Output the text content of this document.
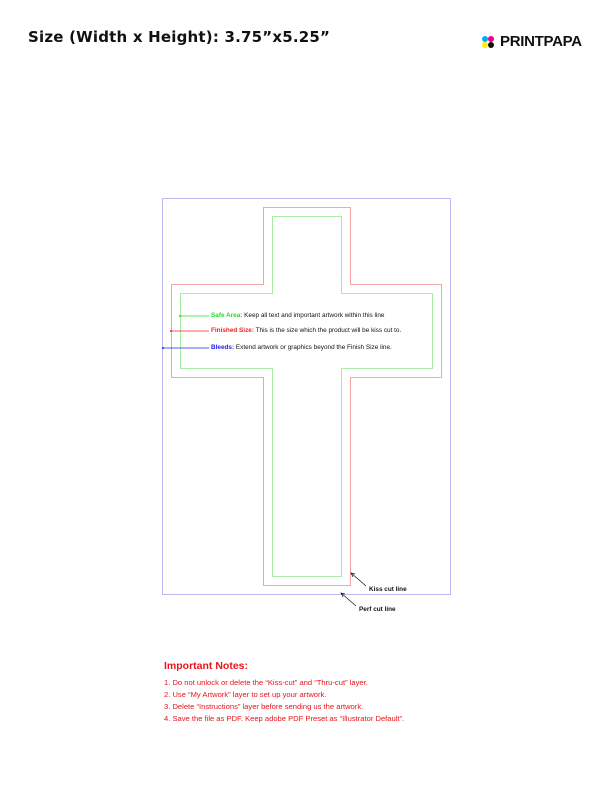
Size (Width x Height): 3.75”x5.25”	PRINTPAPA
Safe Area: Keep all text and important artwork within this line
Finished Size: This is the size which the product will be kiss cut to.
Bleeds: Extend artwork or graphics beyond the Finish Size line.
Kiss cut line
Perf cut line
Important Notes:
1. Do not unlock or delete the “Kiss-cut” and “Thru-cut” layer.
2. Use “My Artwork” layer to set up your artwork.
3. Delete “Instructions” layer before sending us the artwork.
4. Save the file as PDF. Keep adobe PDF Preset as “Illustrator Default”.
